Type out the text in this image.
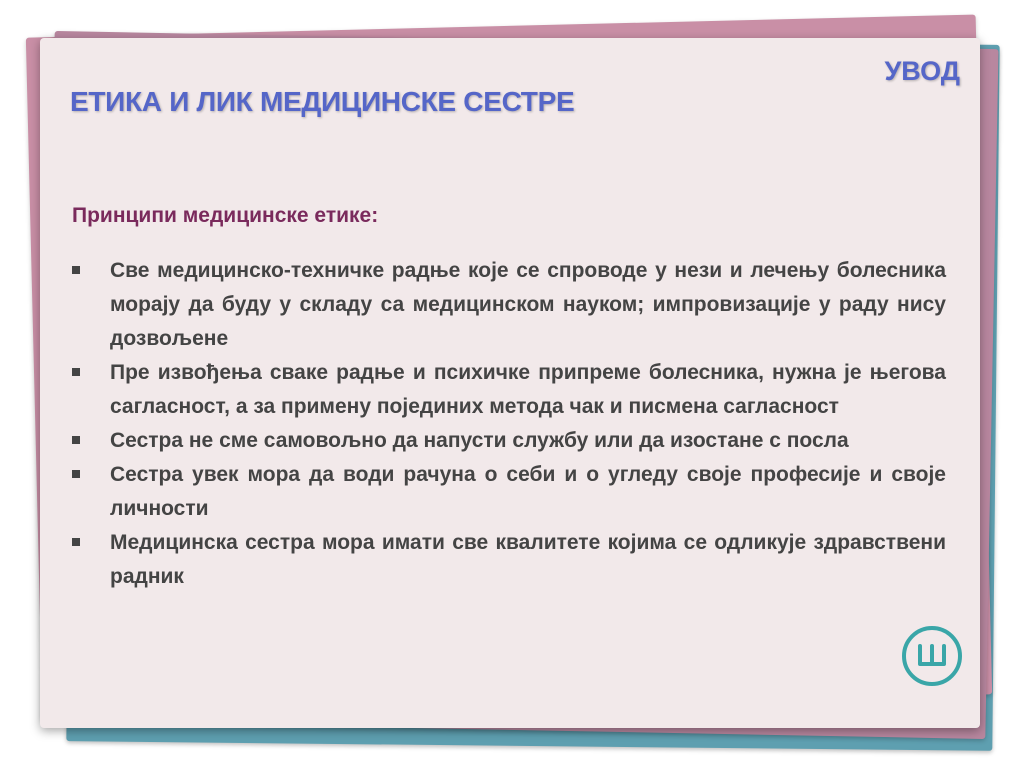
УВОД
ЕТИКА И ЛИК МЕДИЦИНСКЕ СЕСТРЕ
Принципи медицинске етике:
Све медицинско-техничке радње које се спроводе у нези и лечењу болесника морају да буду у складу са медицинском науком; импровизације у раду нису дозвољене
Пре извођења сваке радње и психичке припреме болесника, нужна је његова сагласност, а за примену појединих метода чак и писмена сагласност
Сестра не сме самовољно да напусти службу или да изостане с посла
Сестра увек мора да води рачуна о себи и о угледу своје професије и своје личности
Медицинска сестра мора имати све квалитете којима се одликује здравствени радник
